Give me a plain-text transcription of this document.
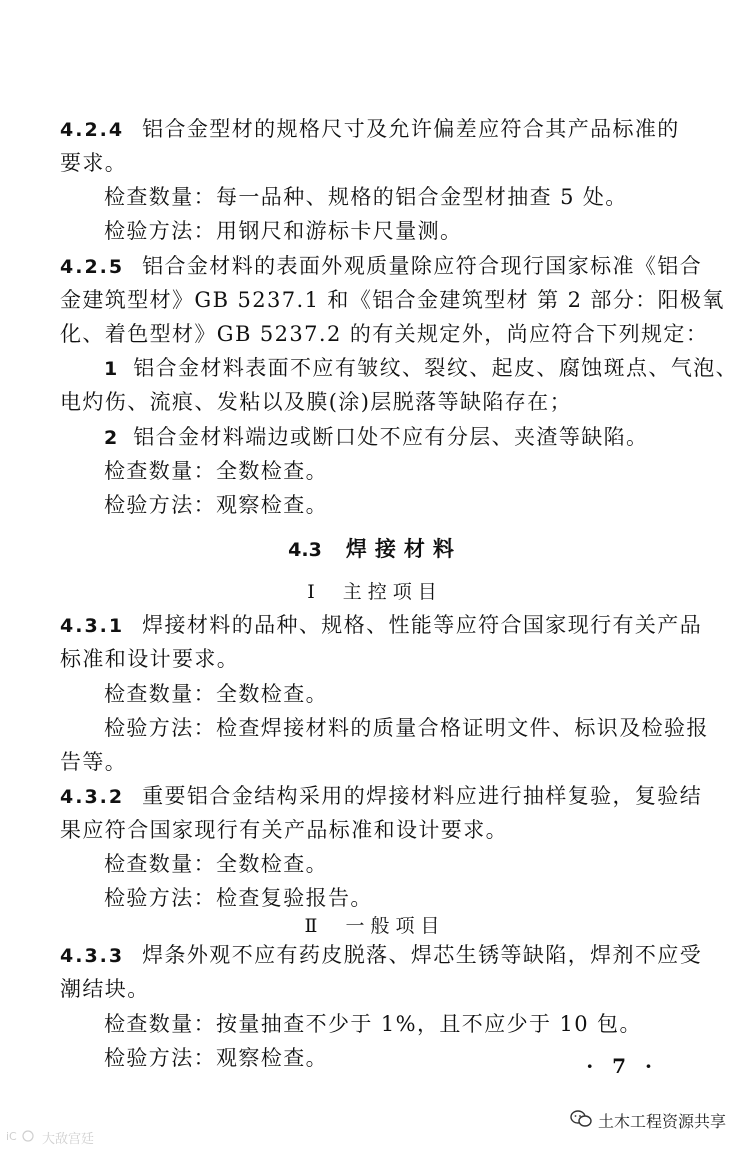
4.2.4 铝合金型材的规格尺寸及允许偏差应符合其产品标准的
要求。
检查数量：每一品种、规格的铝合金型材抽查 5 处。
检验方法：用钢尺和游标卡尺量测。
4.2.5 铝合金材料的表面外观质量除应符合现行国家标准《铝合
金建筑型材》GB 5237.1 和《铝合金建筑型材 第 2 部分：阳极氧
化、着色型材》GB 5237.2 的有关规定外，尚应符合下列规定：
1 铝合金材料表面不应有皱纹、裂纹、起皮、腐蚀斑点、气泡、
电灼伤、流痕、发粘以及膜(涂)层脱落等缺陷存在；
2 铝合金材料端边或断口处不应有分层、夹渣等缺陷。
检查数量：全数检查。
检验方法：观察检查。
4.3 焊接材料
Ⅰ 主控项目
4.3.1 焊接材料的品种、规格、性能等应符合国家现行有关产品
标准和设计要求。
检查数量：全数检查。
检验方法：检查焊接材料的质量合格证明文件、标识及检验报
告等。
4.3.2 重要铝合金结构采用的焊接材料应进行抽样复验，复验结
果应符合国家现行有关产品标准和设计要求。
检查数量：全数检查。
检验方法：检查复验报告。
Ⅱ 一般项目
4.3.3 焊条外观不应有药皮脱落、焊芯生锈等缺陷，焊剂不应受
潮结块。
检查数量：按量抽查不少于 1%，且不应少于 10 包。
检验方法：观察检查。	· 7 ·
土木工程资源共享
iC 大敌宫廷
